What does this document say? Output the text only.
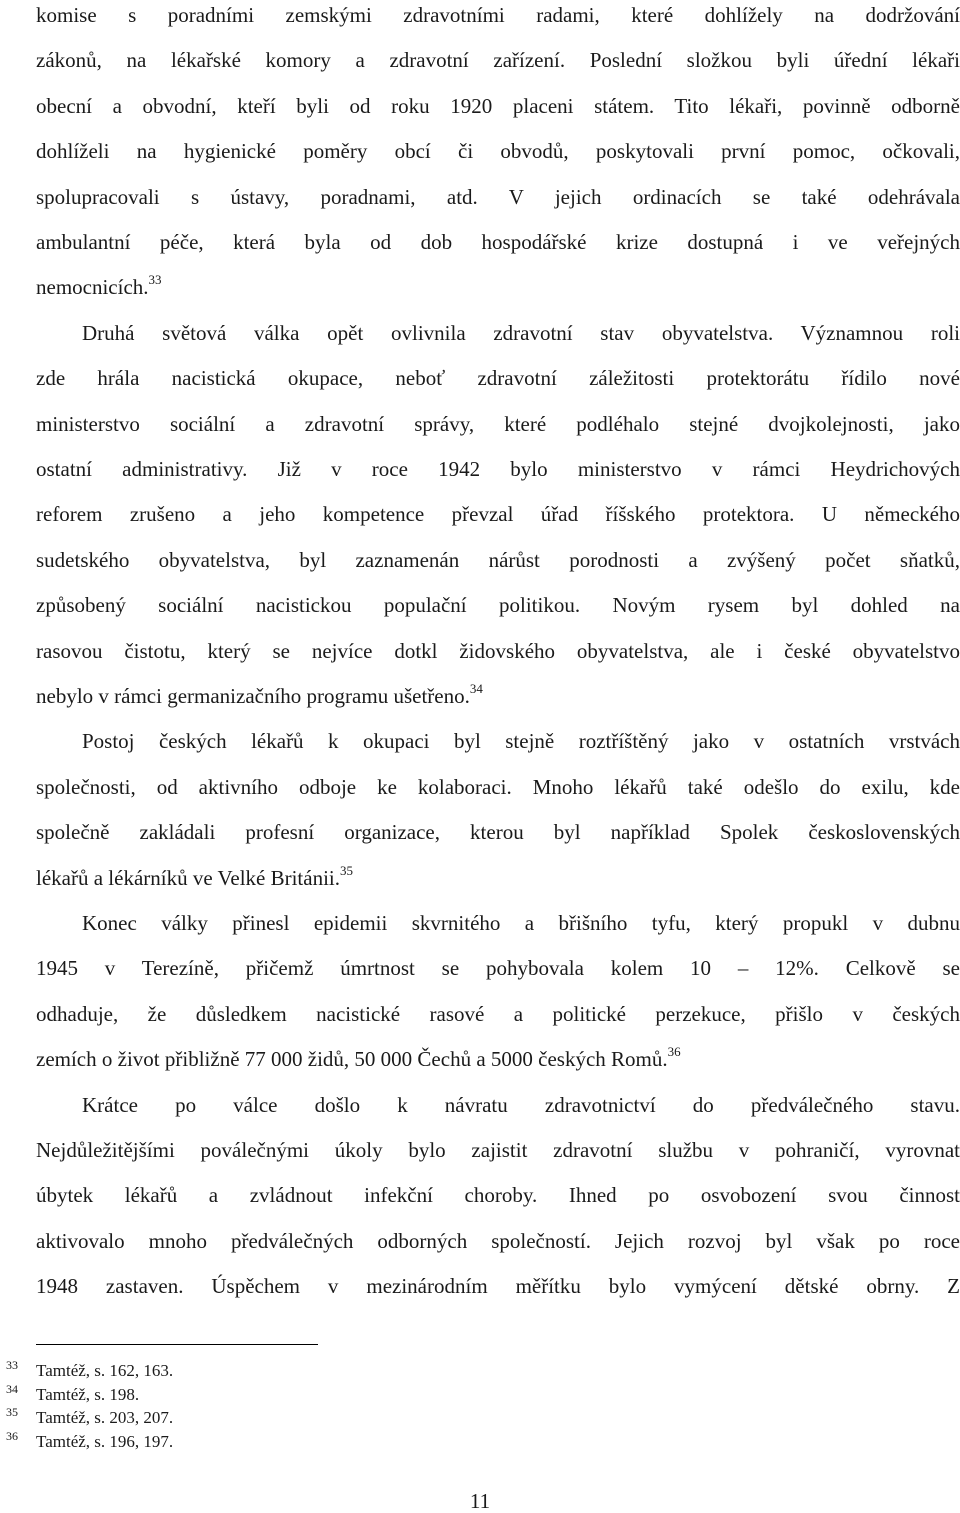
komise s poradními zemskými zdravotními radami, které dohlížely na dodržování
zákonů, na lékařské komory a zdravotní zařízení. Poslední složkou byli úřední lékaři
obecní a obvodní, kteří byli od roku 1920 placeni státem. Tito lékaři, povinně odborně
dohlíželi na hygienické poměry obcí či obvodů, poskytovali první pomoc, očkovali,
spolupracovali s ústavy, poradnami, atd. V jejich ordinacích se také odehrávala
ambulantní péče, která byla od dob hospodářské krize dostupná i ve veřejných
nemocnicích.$^{33}$
Druhá světová válka opět ovlivnila zdravotní stav obyvatelstva. Významnou roli
zde hrála nacistická okupace, neboť zdravotní záležitosti protektorátu řídilo nové
ministerstvo sociální a zdravotní správy, které podléhalo stejné dvojkolejnosti, jako
ostatní administrativy. Již v roce 1942 bylo ministerstvo v rámci Heydrichových
reforem zrušeno a jeho kompetence převzal úřad říšského protektora. U německého
sudetského obyvatelstva, byl zaznamenán nárůst porodnosti a zvýšený počet sňatků,
způsobený sociální nacistickou populační politikou. Novým rysem byl dohled na
rasovou čistotu, který se nejvíce dotkl židovského obyvatelstva, ale i české obyvatelstvo
nebylo v rámci germanizačního programu ušetřeno.$^{34}$
Postoj českých lékařů k okupaci byl stejně roztříštěný jako v ostatních vrstvách
společnosti, od aktivního odboje ke kolaboraci. Mnoho lékařů také odešlo do exilu, kde
společně zakládali profesní organizace, kterou byl například Spolek československých
lékařů a lékárníků ve Velké Británii.$^{35}$
Konec války přinesl epidemii skvrnitého a břišního tyfu, který propukl v dubnu
1945 v Terezíně, přičemž úmrtnost se pohybovala kolem 10 – 12%. Celkově se
odhaduje, že důsledkem nacistické rasové a politické perzekuce, přišlo v českých
zemích o život přibližně 77 000 židů, 50 000 Čechů a 5000 českých Romů.$^{36}$
Krátce po válce došlo k návratu zdravotnictví do předválečného stavu.
Nejdůležitějšími poválečnými úkoly bylo zajistit zdravotní službu v pohraničí, vyrovnat
úbytek lékařů a zvládnout infekční choroby. Ihned po osvobození svou činnost
aktivovalo mnoho předválečných odborných společností. Jejich rozvoj byl však po roce
1948 zastaven. Úspěchem v mezinárodním měřítku bylo vymýcení dětské obrny. Z
33 Tamtéž, s. 162, 163.
34 Tamtéž, s. 198.
35 Tamtéž, s. 203, 207.
36 Tamtéž, s. 196, 197.
11
